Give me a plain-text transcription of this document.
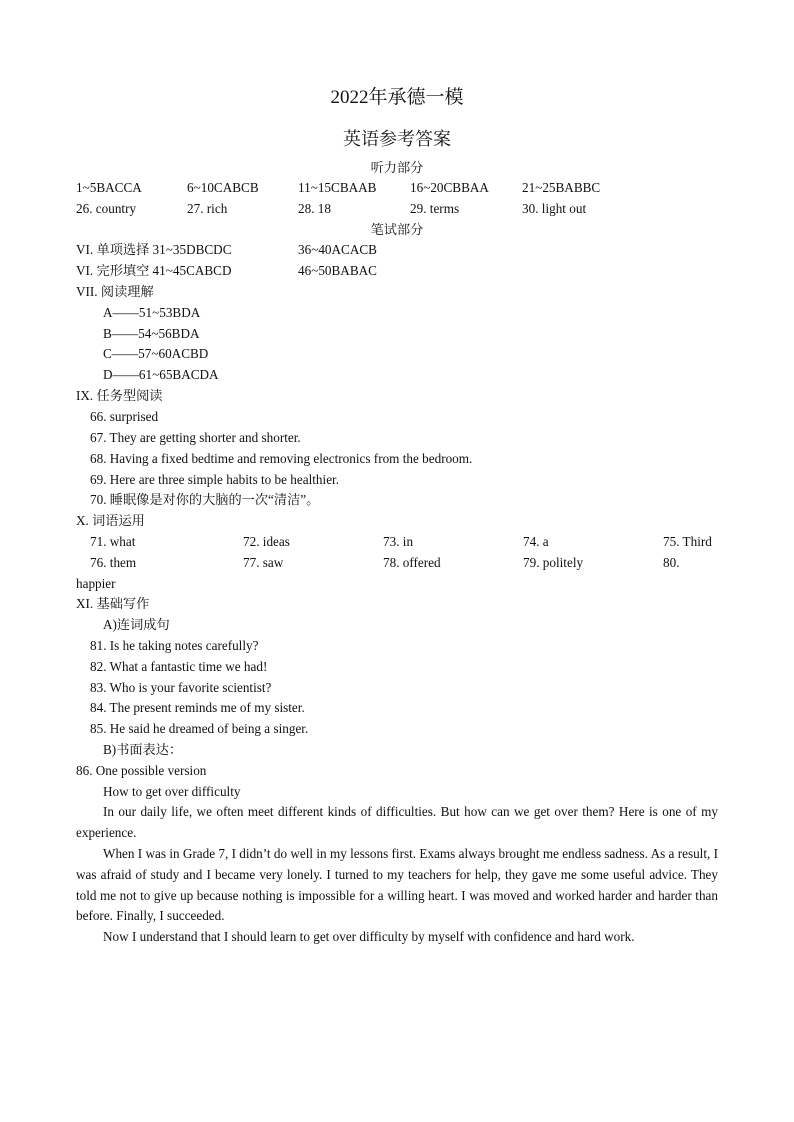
2022年承德一模
英语参考答案
听力部分
1~5BACCA	6~10CABCB	11~15CBAAB	16~20CBBAA	21~25BABBC
26. country	27. rich	28. 18	29. terms	30. light out
笔试部分
VI. 单项选择 31~35DBCDC	36~40ACACB
VI. 完形填空 41~45CABCD	46~50BABAC
VII. 阅读理解
A——51~53BDA
B——54~56BDA
C——57~60ACBD
D——61~65BACDA
IX. 任务型阅读
66. surprised
67. They are getting shorter and shorter.
68. Having a fixed bedtime and removing electronics from the bedroom.
69. Here are three simple habits to be healthier.
70. 睡眠像是对你的大脑的一次“清洁”。
X. 词语运用
71. what	72. ideas	73. in	74. a	75. Third
76. them	77. saw	78. offered	79. politely	80.
happier
XI. 基础写作
A)连词成句
81. Is he taking notes carefully?
82. What a fantastic time we had!
83. Who is your favorite scientist?
84. The present reminds me of my sister.
85. He said he dreamed of being a singer.
B)书面表达：
86. One possible version
How to get over difficulty
In our daily life, we often meet different kinds of difficulties. But how can we get over them? Here is one of my experience.
When I was in Grade 7, I didn’t do well in my lessons first. Exams always brought me endless sadness. As a result, I was afraid of study and I became very lonely. I turned to my teachers for help, they gave me some useful advice. They told me not to give up because nothing is impossible for a willing heart. I was moved and worked harder and harder than before. Finally, I succeeded.
Now I understand that I should learn to get over difficulty by myself with confidence and hard work.
